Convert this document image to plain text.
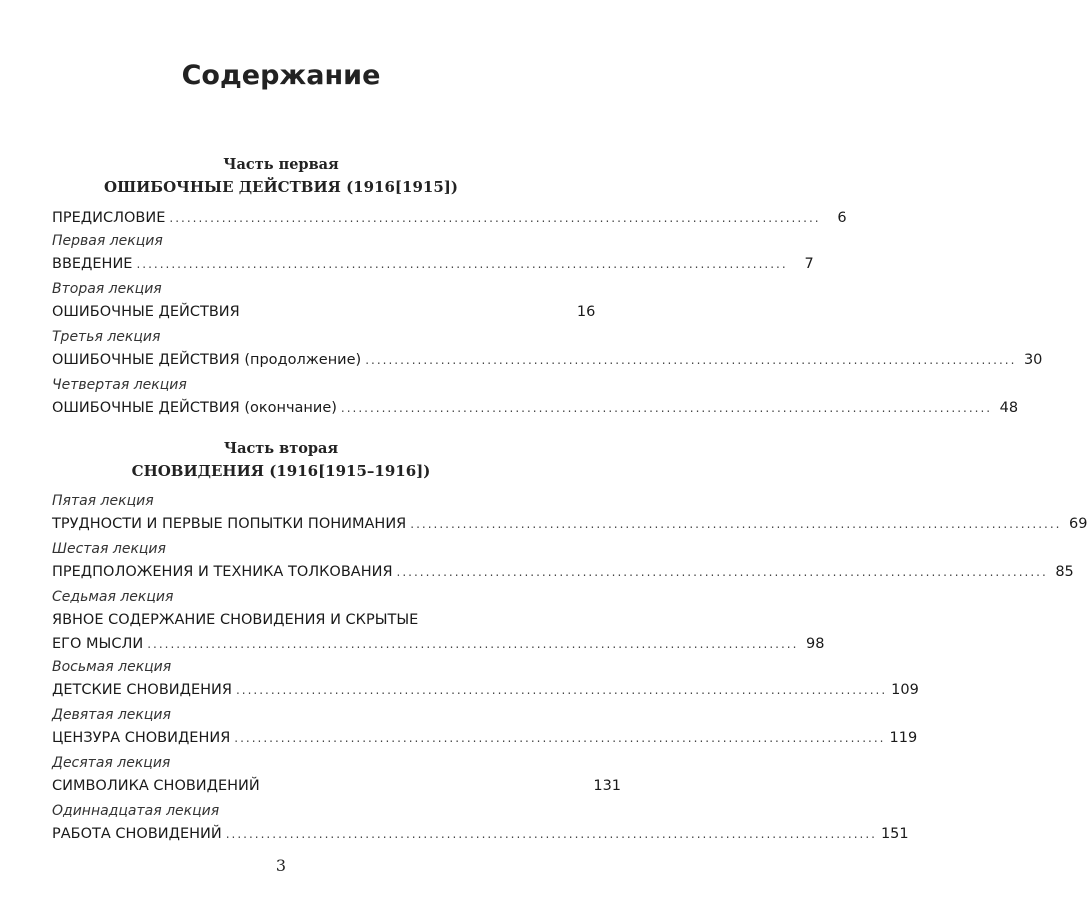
Содержание
Часть первая
ОШИБОЧНЫЕ ДЕЙСТВИЯ (1916[1915])
ПРЕДИСЛОВИЕ ................................................................................................................	6
Первая лекция
ВВЕДЕНИЕ ................................................................................................................	7
Вторая лекция
ОШИБОЧНЫЕ ДЕЙСТВИЯ	16
Третья лекция
ОШИБОЧНЫЕ ДЕЙСТВИЯ (продолжение) ................................................................................................................ 30
Четвертая лекция
ОШИБОЧНЫЕ ДЕЙСТВИЯ (окончание) ................................................................................................................ 48
Часть вторая
СНОВИДЕНИЯ (1916[1915–1916])
Пятая лекция
ТРУДНОСТИ И ПЕРВЫЕ ПОПЫТКИ ПОНИМАНИЯ ................................................................................................................ 69
Шестая лекция
ПРЕДПОЛОЖЕНИЯ И ТЕХНИКА ТОЛКОВАНИЯ ................................................................................................................ 85
Седьмая лекция
ЯВНОЕ СОДЕРЖАНИЕ СНОВИДЕНИЯ И СКРЫТЫЕ
ЕГО МЫСЛИ ................................................................................................................ 98
Восьмая лекция
ДЕТСКИЕ СНОВИДЕНИЯ ................................................................................................................ 109
Девятая лекция
ЦЕНЗУРА СНОВИДЕНИЯ ................................................................................................................ 119
Десятая лекция
СИМВОЛИКА СНОВИДЕНИЙ	131
Одиннадцатая лекция
РАБОТА СНОВИДЕНИЙ ................................................................................................................ 151
3
